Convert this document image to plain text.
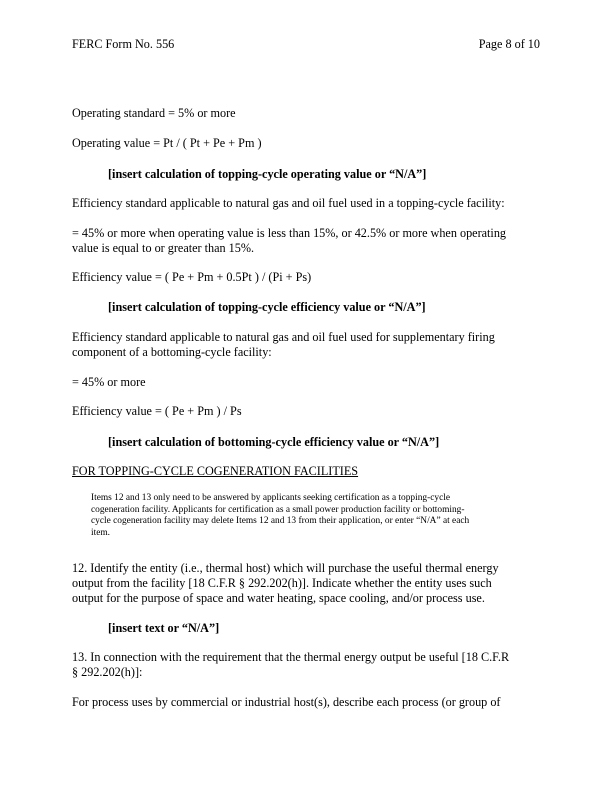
FERC Form No. 556	Page 8 of 10
Operating standard = 5% or more
Operating value = Pt / ( Pt + Pe + Pm )
[insert calculation of topping-cycle operating value or “N/A”]
Efficiency standard applicable to natural gas and oil fuel used in a topping-cycle facility:
= 45% or more when operating value is less than 15%, or 42.5% or more when operating
value is equal to or greater than 15%.
Efficiency value = ( Pe + Pm + 0.5Pt ) / (Pi + Ps)
[insert calculation of topping-cycle efficiency value or “N/A”]
Efficiency standard applicable to natural gas and oil fuel used for supplementary firing
component of a bottoming-cycle facility:
= 45% or more
Efficiency value = ( Pe + Pm ) / Ps
[insert calculation of bottoming-cycle efficiency value or “N/A”]
FOR TOPPING-CYCLE COGENERATION FACILITIES
Items 12 and 13 only need to be answered by applicants seeking certification as a topping-cycle
cogeneration facility. Applicants for certification as a small power production facility or bottoming-
cycle cogeneration facility may delete Items 12 and 13 from their application, or enter “N/A” at each
item.
12. Identify the entity (i.e., thermal host) which will purchase the useful thermal energy
output from the facility [18 C.F.R § 292.202(h)]. Indicate whether the entity uses such
output for the purpose of space and water heating, space cooling, and/or process use.
[insert text or “N/A”]
13. In connection with the requirement that the thermal energy output be useful [18 C.F.R
§ 292.202(h)]:
For process uses by commercial or industrial host(s), describe each process (or group of
